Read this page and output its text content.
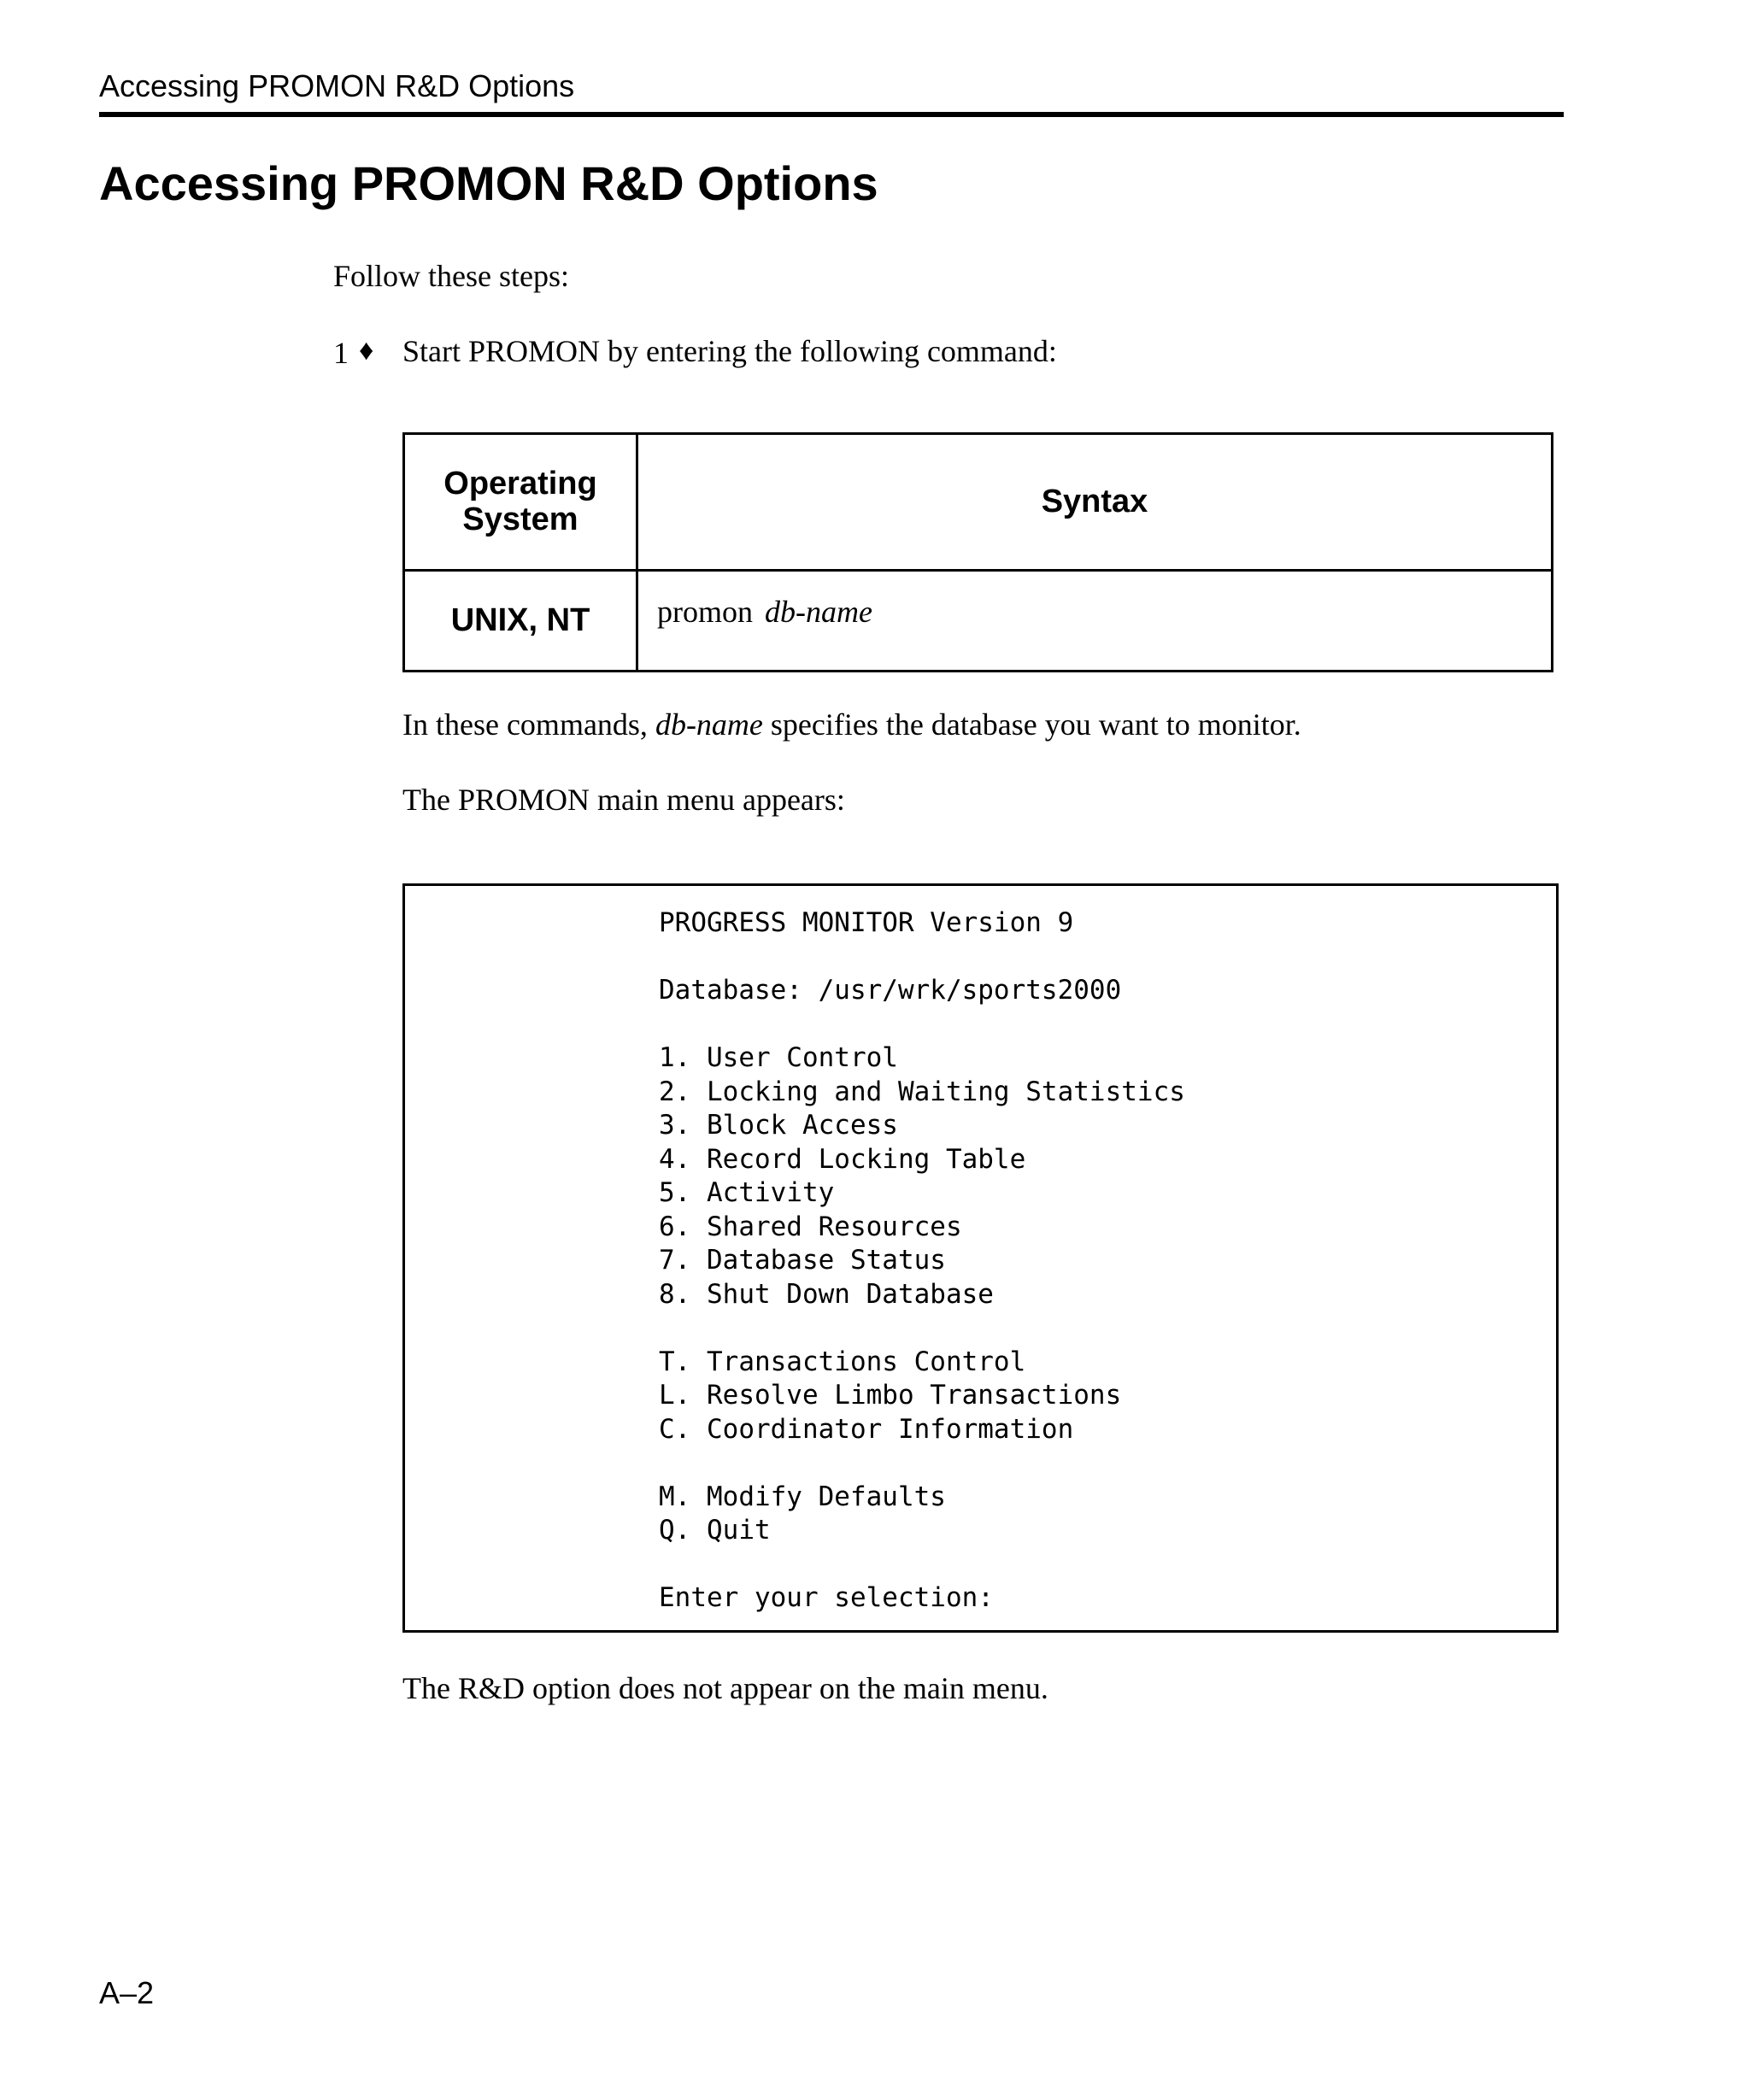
Accessing PROMON R&D Options
Accessing PROMON R&D Options

Follow these steps:

1 ♦ Start PROMON by entering the following command:

Operating System	Syntax
UNIX, NT	promon db-name

In these commands, db-name specifies the database you want to monitor.

The PROMON main menu appears:

PROGRESS MONITOR Version 9

Database: /usr/wrk/sports2000

1. User Control
2. Locking and Waiting Statistics
3. Block Access
4. Record Locking Table
5. Activity
6. Shared Resources
7. Database Status
8. Shut Down Database

T. Transactions Control
L. Resolve Limbo Transactions
C. Coordinator Information

M. Modify Defaults
Q. Quit

Enter your selection:

The R&D option does not appear on the main menu.

A–2
